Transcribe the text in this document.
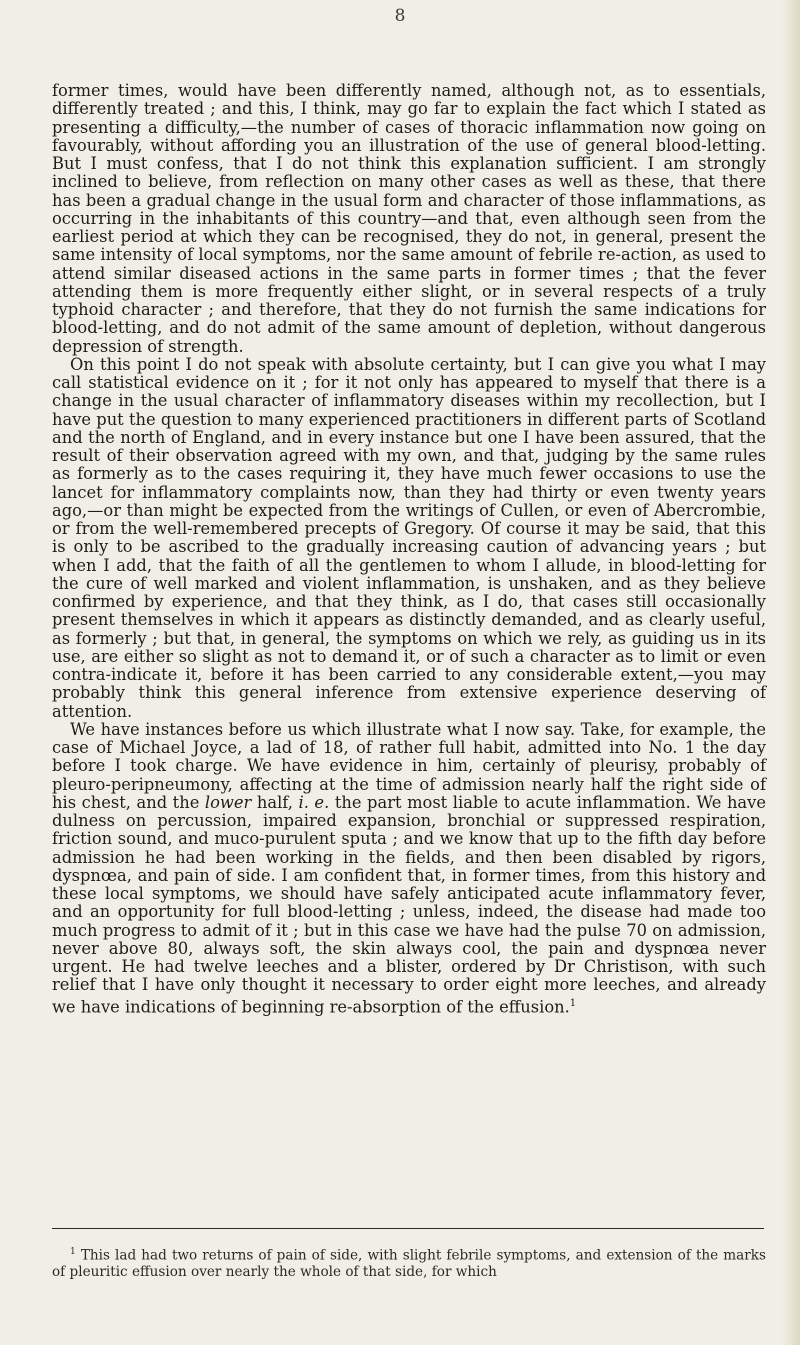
8

former times, would have been differently named, although not, as to essentials, differently treated ; and this, I think, may go far to explain the fact which I stated as presenting a difficulty,—the number of cases of thoracic inflammation now going on favourably, without affording you an illustration of the use of general blood-letting. But I must confess, that I do not think this explanation sufficient. I am strongly inclined to believe, from reflection on many other cases as well as these, that there has been a gradual change in the usual form and character of those inflammations, as occurring in the inhabitants of this country—and that, even although seen from the earliest period at which they can be recognised, they do not, in general, present the same intensity of local symptoms, nor the same amount of febrile re-action, as used to attend similar diseased actions in the same parts in former times ; that the fever attending them is more frequently either slight, or in several respects of a truly typhoid character ; and therefore, that they do not furnish the same indications for blood-letting, and do not admit of the same amount of depletion, without dangerous depression of strength.

On this point I do not speak with absolute certainty, but I can give you what I may call statistical evidence on it ; for it not only has appeared to myself that there is a change in the usual character of inflammatory diseases within my recollection, but I have put the question to many experienced practitioners in different parts of Scotland and the north of England, and in every instance but one I have been assured, that the result of their observation agreed with my own, and that, judging by the same rules as formerly as to the cases requiring it, they have much fewer occasions to use the lancet for inflammatory complaints now, than they had thirty or even twenty years ago,—or than might be expected from the writings of Cullen, or even of Abercrombie, or from the well-remembered precepts of Gregory. Of course it may be said, that this is only to be ascribed to the gradually increasing caution of advancing years ; but when I add, that the faith of all the gentlemen to whom I allude, in blood-letting for the cure of well marked and violent inflammation, is unshaken, and as they believe confirmed by experience, and that they think, as I do, that cases still occasionally present themselves in which it appears as distinctly demanded, and as clearly useful, as formerly ; but that, in general, the symptoms on which we rely, as guiding us in its use, are either so slight as not to demand it, or of such a character as to limit or even contra-indicate it, before it has been carried to any considerable extent,—you may probably think this general inference from extensive experience deserving of attention.

We have instances before us which illustrate what I now say. Take, for example, the case of Michael Joyce, a lad of 18, of rather full habit, admitted into No. 1 the day before I took charge. We have evidence in him, certainly of pleurisy, probably of pleuro-peripneumony, affecting at the time of admission nearly half the right side of his chest, and the lower half, i. e. the part most liable to acute inflammation. We have dulness on percussion, impaired expansion, bronchial or suppressed respiration, friction sound, and muco-purulent sputa ; and we know that up to the fifth day before admission he had been working in the fields, and then been disabled by rigors, dyspnœa, and pain of side. I am confident that, in former times, from this history and these local symptoms, we should have safely anticipated acute inflammatory fever, and an opportunity for full blood-letting ; unless, indeed, the disease had made too much progress to admit of it ; but in this case we have had the pulse 70 on admission, never above 80, always soft, the skin always cool, the pain and dyspnœa never urgent. He had twelve leeches and a blister, ordered by Dr Christison, with such relief that I have only thought it necessary to order eight more leeches, and already we have indications of beginning re-absorption of the effusion.$^1$

$^1$ This lad had two returns of pain of side, with slight febrile symptoms, and extension of the marks of pleuritic effusion over nearly the whole of that side, for which
